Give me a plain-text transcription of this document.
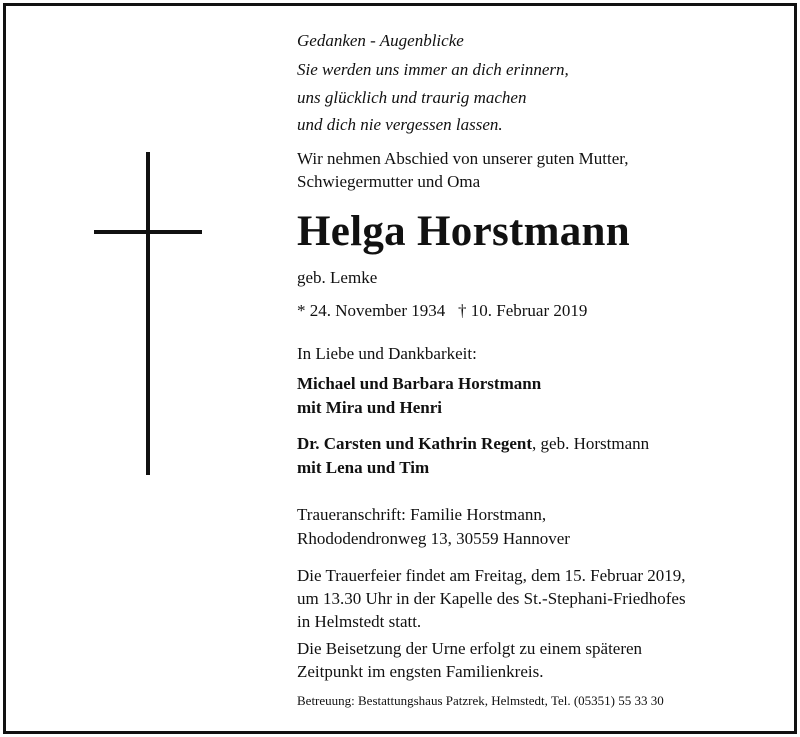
Gedanken - Augenblicke
Sie werden uns immer an dich erinnern,
uns glücklich und traurig machen
und dich nie vergessen lassen.
Wir nehmen Abschied von unserer guten Mutter,
Schwiegermutter und Oma
Helga Horstmann
geb. Lemke
* 24. November 1934   † 10. Februar 2019
In Liebe und Dankbarkeit:
Michael und Barbara Horstmann
mit Mira und Henri
Dr. Carsten und Kathrin Regent, geb. Horstmann
mit Lena und Tim
Traueranschrift: Familie Horstmann,
Rhododendronweg 13, 30559 Hannover
Die Trauerfeier findet am Freitag, dem 15. Februar 2019,
um 13.30 Uhr in der Kapelle des St.-Stephani-Friedhofes
in Helmstedt statt.
Die Beisetzung der Urne erfolgt zu einem späteren
Zeitpunkt im engsten Familienkreis.
Betreuung: Bestattungshaus Patzrek, Helmstedt, Tel. (05351) 55 33 30
